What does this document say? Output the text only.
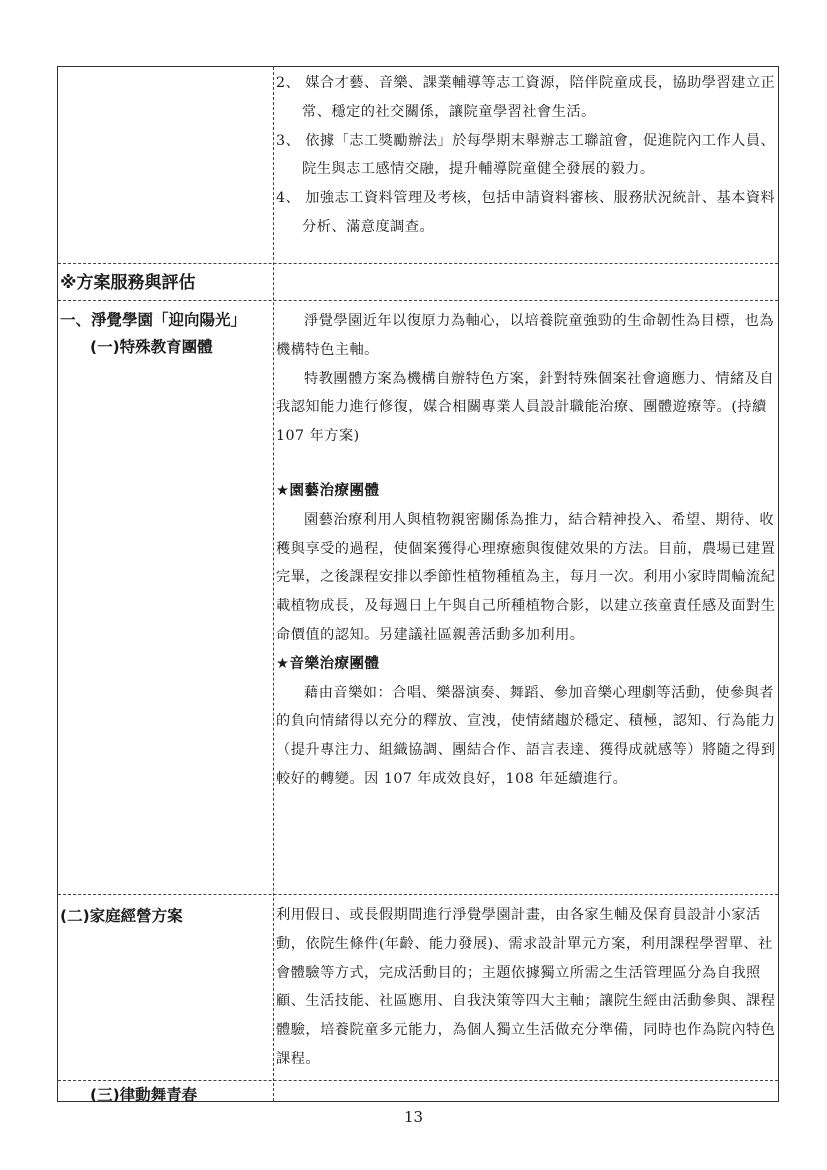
2、 媒合才藝、音樂、課業輔導等志工資源，陪伴院童成長，協助學習建立正常、穩定的社交關係，讓院童學習社會生活。

3、 依據「志工獎勵辦法」於每學期末舉辦志工聯誼會，促進院內工作人員、院生與志工感情交融，提升輔導院童健全發展的毅力。

4、 加強志工資料管理及考核，包括申請資料審核、服務狀況統計、基本資料分析、滿意度調查。

※方案服務與評估
一、淨覺學園「迎向陽光」
(一)特殊教育團體

淨覺學園近年以復原力為軸心，以培養院童強勁的生命韌性為目標，也為機構特色主軸。

特教團體方案為機構自辦特色方案，針對特殊個案社會適應力、情緒及自我認知能力進行修復，媒合相關專業人員設計職能治療、團體遊療等。(持續 107 年方案)

★園藝治療團體

園藝治療利用人與植物親密關係為推力，結合精神投入、希望、期待、收穫與享受的過程，使個案獲得心理療癒與復健效果的方法。目前，農場已建置完畢，之後課程安排以季節性植物種植為主，每月一次。利用小家時間輪流紀載植物成長，及每週日上午與自己所種植物合影，以建立孩童責任感及面對生命價值的認知。另建議社區親善活動多加利用。

★音樂治療團體

藉由音樂如：合唱、樂器演奏、舞蹈、參加音樂心理劇等活動，使參與者的負向情緒得以充分的釋放、宣洩，使情緒趨於穩定、積極，認知、行為能力（提升專注力、組織協調、團結合作、語言表達、獲得成就感等）將隨之得到較好的轉變。因 107 年成效良好，108 年延續進行。

(二)家庭經營方案	利用假日、或長假期間進行淨覺學園計畫，由各家生輔及保育員設計小家活動，依院生條件(年齡、能力發展)、需求設計單元方案，利用課程學習單、社會體驗等方式，完成活動目的；主題依據獨立所需之生活管理區分為自我照顧、生活技能、社區應用、自我決策等四大主軸；讓院生經由活動參與、課程體驗，培養院童多元能力，為個人獨立生活做充分準備，同時也作為院內特色課程。

(三)律動舞青春
13
